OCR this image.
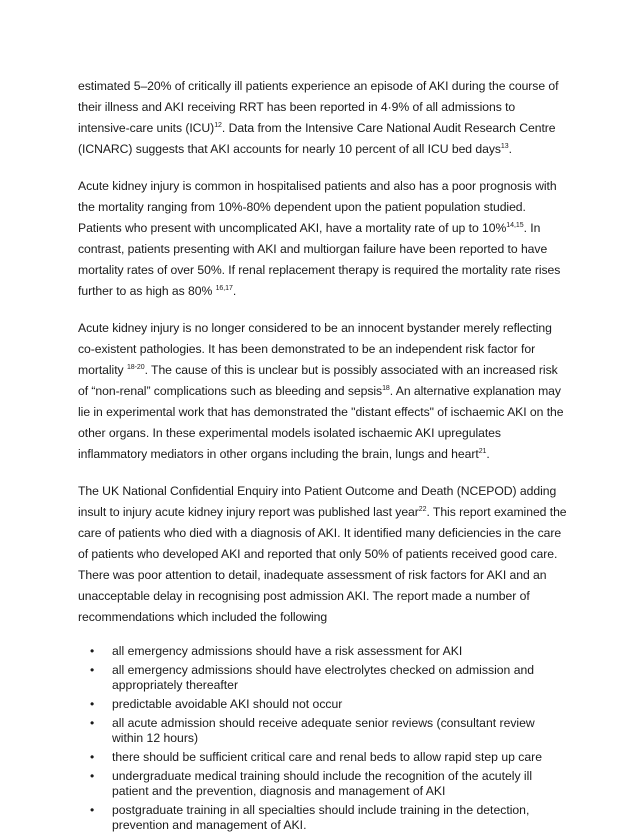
estimated 5–20% of critically ill patients experience an episode of AKI during the course of their illness and AKI receiving RRT has been reported in 4·9% of all admissions to intensive-care units (ICU)$^{12}$. Data from the Intensive Care National Audit Research Centre (ICNARC) suggests that AKI accounts for nearly 10 percent of all ICU bed days$^{13}$.

Acute kidney injury is common in hospitalised patients and also has a poor prognosis with the mortality ranging from 10%-80% dependent upon the patient population studied. Patients who present with uncomplicated AKI, have a mortality rate of up to 10%$^{14,15}$. In contrast, patients presenting with AKI and multiorgan failure have been reported to have mortality rates of over 50%. If renal replacement therapy is required the mortality rate rises further to as high as 80% $^{16,17}$.

Acute kidney injury is no longer considered to be an innocent bystander merely reflecting co-existent pathologies. It has been demonstrated to be an independent risk factor for mortality $^{18-20}$. The cause of this is unclear but is possibly associated with an increased risk of “non-renal” complications such as bleeding and sepsis$^{18}$. An alternative explanation may lie in experimental work that has demonstrated the "distant effects" of ischaemic AKI on the other organs. In these experimental models isolated ischaemic AKI upregulates inflammatory mediators in other organs including the brain, lungs and heart$^{21}$.

The UK National Confidential Enquiry into Patient Outcome and Death (NCEPOD) adding insult to injury acute kidney injury report was published last year$^{22}$. This report examined the care of patients who died with a diagnosis of AKI. It identified many deficiencies in the care of patients who developed AKI and reported that only 50% of patients received good care. There was poor attention to detail, inadequate assessment of risk factors for AKI and an unacceptable delay in recognising post admission AKI. The report made a number of recommendations which included the following

• all emergency admissions should have a risk assessment for AKI
• all emergency admissions should have electrolytes checked on admission and appropriately thereafter
• predictable avoidable AKI should not occur
• all acute admission should receive adequate senior reviews (consultant review within 12 hours)
• there should be sufficient critical care and renal beds to allow rapid step up care
• undergraduate medical training should include the recognition of the acutely ill patient and the prevention, diagnosis and management of AKI
• postgraduate training in all specialties should include training in the detection, prevention and management of AKI.
